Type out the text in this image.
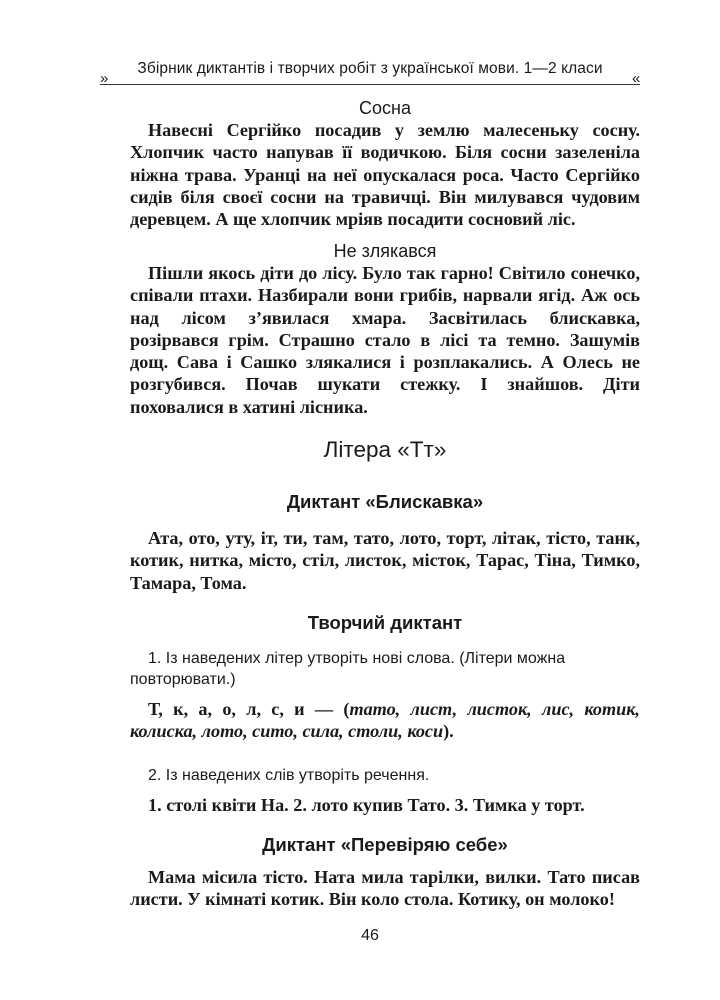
Збірник диктантів і творчих робіт з української мови. 1—2 класи
»	«

Сосна

Навесні Сергійко посадив у землю малесеньку сосну. Хлопчик часто напував її водичкою. Біля сосни зазеленіла ніжна трава. Уранці на неї опускалася роса. Часто Сергійко сидів біля своєї сосни на травичці. Він милувався чудовим деревцем. А ще хлопчик мріяв посадити сосновий ліс.

Не злякався

Пішли якось діти до лісу. Було так гарно! Світило сонечко, співали птахи. Назбирали вони грибів, нарвали ягід. Аж ось над лісом з’явилася хмара. Засвітилась блискавка, розірвався грім. Страшно стало в лісі та темно. Зашумів дощ. Сава і Сашко злякалися і розплакались. А Олесь не розгубився. Почав шукати стежку. І знайшов. Діти поховалися в хатині лісника.

Літера «Тт»

Диктант «Блискавка»

Ата, ото, уту, іт, ти, там, тато, лото, торт, літак, тісто, танк, котик, нитка, місто, стіл, листок, місток, Тарас, Тіна, Тимко, Тамара, Тома.

Творчий диктант

1. Із наведених літер утворіть нові слова. (Літери можна повторювати.)

Т, к, а, о, л, с, и — (тато, лист, листок, лис, котик, колиска, лото, сито, сила, столи, коси).

2. Із наведених слів утворіть речення.

1. столі квіти На. 2. лото купив Тато. 3. Тимка у торт.

Диктант «Перевіряю себе»

Мама місила тісто. Ната мила тарілки, вилки. Тато писав листи. У кімнаті котик. Він коло стола. Котику, он молоко!

46
